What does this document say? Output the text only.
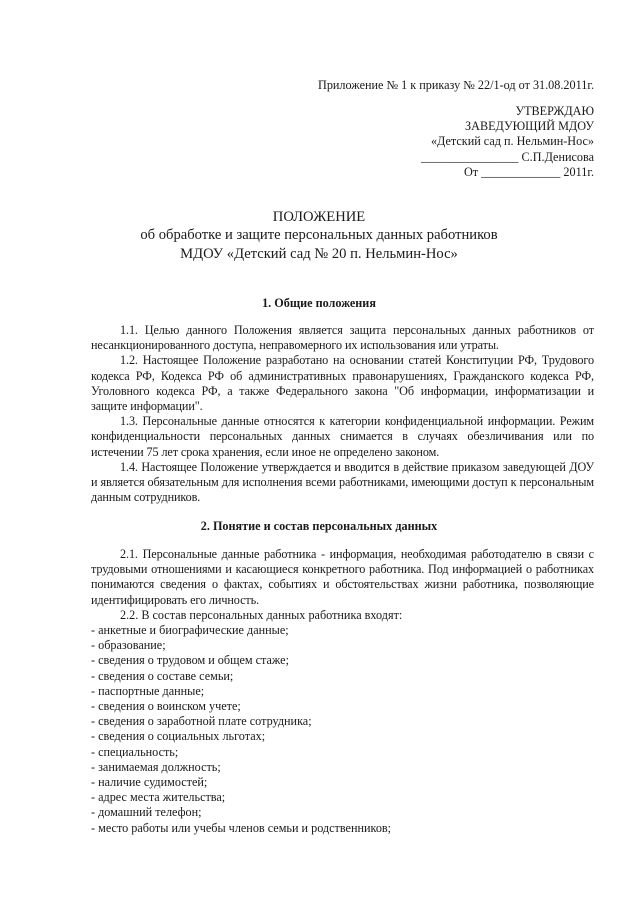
Приложение № 1 к приказу № 22/1-од от 31.08.2011г.
УТВЕРЖДАЮ
ЗАВЕДУЮЩИЙ МДОУ
«Детский сад п. Нельмин-Нос»
________________ С.П.Денисова
От _____________ 2011г.
ПОЛОЖЕНИЕ
об обработке и защите персональных данных работников
МДОУ «Детский сад № 20 п. Нельмин-Нос»
1. Общие положения

1.1. Целью данного Положения является защита персональных данных работников от несанкционированного доступа, неправомерного их использования или утраты.

1.2. Настоящее Положение разработано на основании статей Конституции РФ, Трудового кодекса РФ, Кодекса РФ об административных правонарушениях, Гражданского кодекса РФ, Уголовного кодекса РФ, а также Федерального закона "Об информации, информатизации и защите информации".

1.3. Персональные данные относятся к категории конфиденциальной информации. Режим конфиденциальности персональных данных снимается в случаях обезличивания или по истечении 75 лет срока хранения, если иное не определено законом.

1.4. Настоящее Положение утверждается и вводится в действие приказом заведующей ДОУ и является обязательным для исполнения всеми работниками, имеющими доступ к персональным данным сотрудников.

2. Понятие и состав персональных данных

2.1. Персональные данные работника - информация, необходимая работодателю в связи с трудовыми отношениями и касающиеся конкретного работника. Под информацией о работниках понимаются сведения о фактах, событиях и обстоятельствах жизни работника, позволяющие идентифицировать его личность.

2.2. В состав персональных данных работника входят:

- анкетные и биографические данные;

- образование;

- сведения о трудовом и общем стаже;

- сведения о составе семьи;

- паспортные данные;

- сведения о воинском учете;

- сведения о заработной плате сотрудника;

- сведения о социальных льготах;

- специальность;

- занимаемая должность;

- наличие судимостей;

- адрес места жительства;

- домашний телефон;

- место работы или учебы членов семьи и родственников;
